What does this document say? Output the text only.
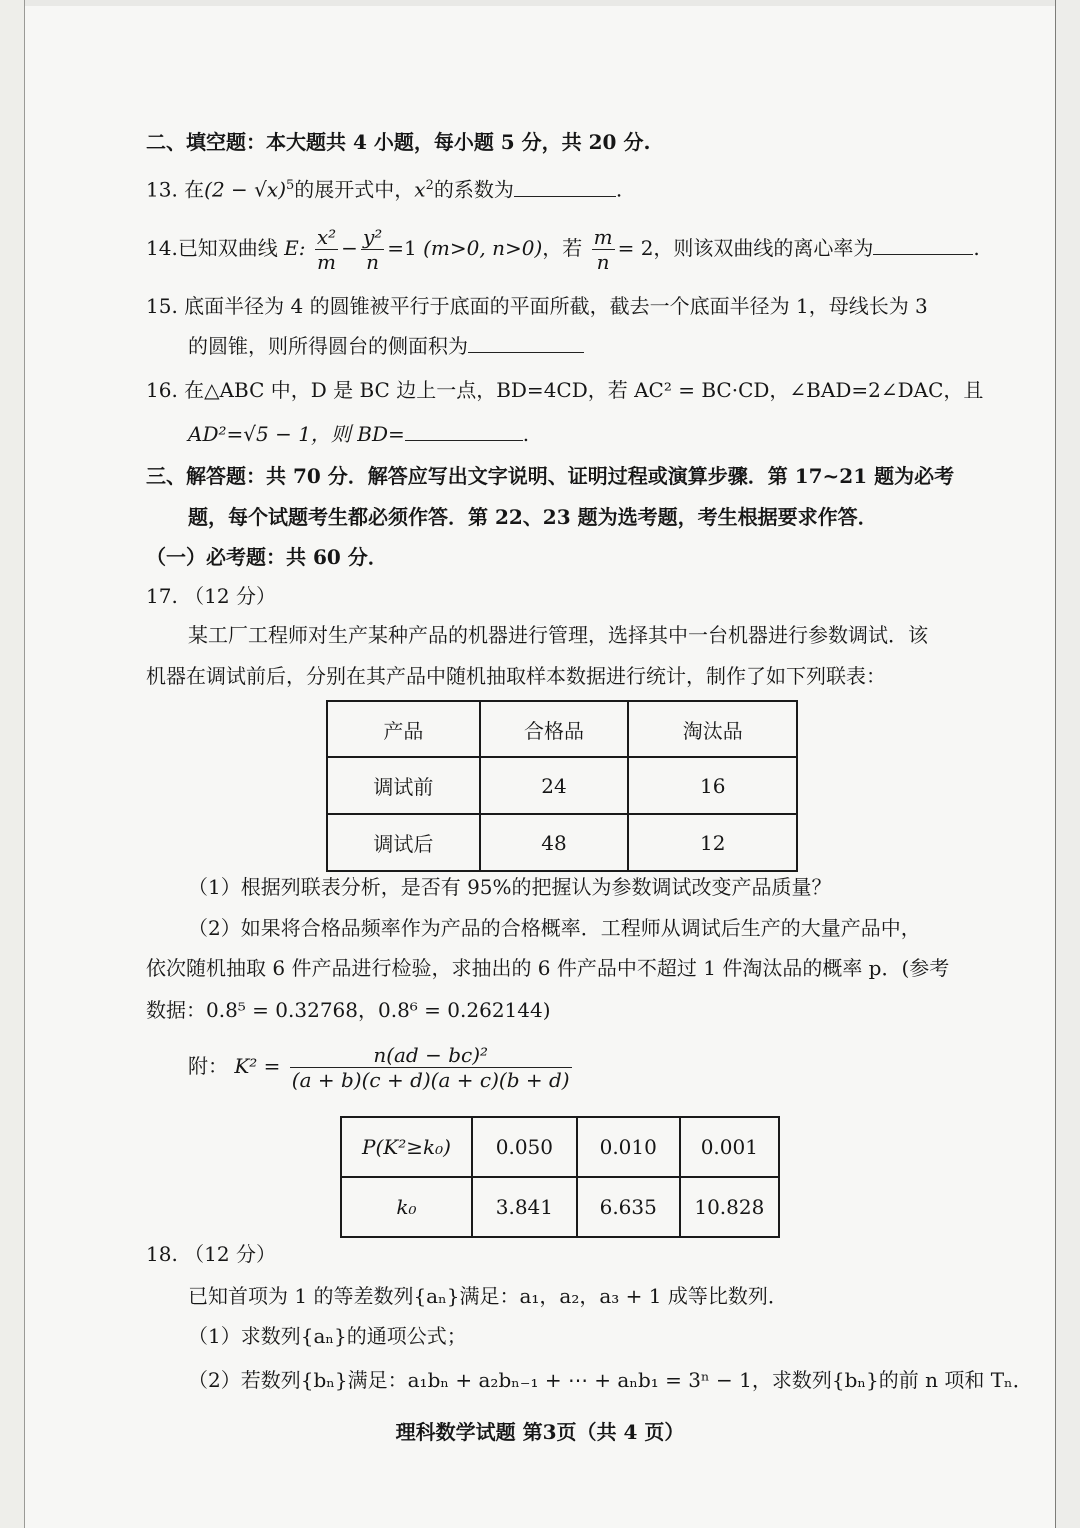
二、填空题：本大题共 4 小题，每小题 5 分，共 20 分.
13. 在$(2 - √x)^5$的展开式中，$x^2$的系数为	.
14.已知双曲线 E: $\frac{\text{x²}}{m} - \frac{\text{y²}}{n} =1$ (m>0, n>0)，若 $\frac{m}{n} = 2$，则该双曲线的离心率为	.
15. 底面半径为 4 的圆锥被平行于底面的平面所截，截去一个底面半径为 1，母线长为 3
的圆锥，则所得圆台的侧面积为
16. 在△ABC 中，D 是 BC 边上一点，BD=4CD，若 AC² = BC·CD，∠BAD=2∠DAC，且
AD²=√5 − 1，则 BD=	.
三、解答题：共 70 分．解答应写出文字说明、证明过程或演算步骤．第 17~21 题为必考
题，每个试题考生都必须作答．第 22、23 题为选考题，考生根据要求作答．
（一）必考题：共 60 分．
17. （12 分）
某工厂工程师对生产某种产品的机器进行管理，选择其中一台机器进行参数调试．该
机器在调试前后，分别在其产品中随机抽取样本数据进行统计，制作了如下列联表：
产品	合格品	淘汰品
调试前	24	16
调试后	48	12
（1）根据列联表分析，是否有 95%的把握认为参数调试改变产品质量？
（2）如果将合格品频率作为产品的合格概率．工程师从调试后生产的大量产品中，
依次随机抽取 6 件产品进行检验，求抽出的 6 件产品中不超过 1 件淘汰品的概率 p．(参考
数据：0.8⁵ = 0.32768，0.8⁶ = 0.262144)
附： $K^2 = \frac{\text{n(ad − bc)²}}{(a + b)(c + d)(a + c)(b + d)}$
P(K²≥k₀)	0.050	0.010	0.001
k₀	3.841	6.635	10.828
18. （12 分）
已知首项为 1 的等差数列{aₙ}满足：a₁，a₂，a₃ + 1 成等比数列．
（1）求数列{aₙ}的通项公式；
（2）若数列{bₙ}满足：a₁bₙ + a₂bₙ₋₁ + ⋯ + aₙb₁ = 3ⁿ − 1，求数列{bₙ}的前 n 项和 Tₙ．
理科数学试题 第3页（共 4 页）
